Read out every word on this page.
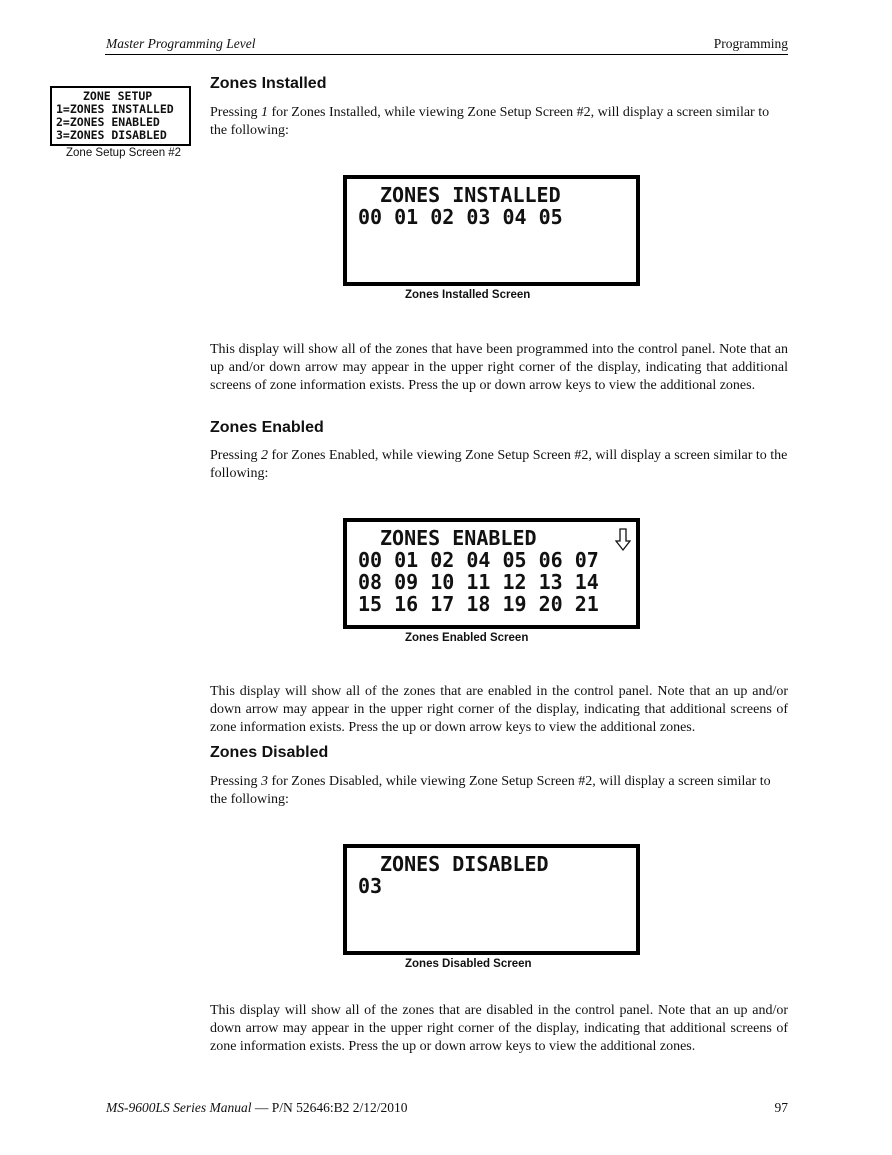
Master Programming Level	Programming
ZONE SETUP
1=ZONES INSTALLED
2=ZONES ENABLED
3=ZONES DISABLED
Zone Setup Screen #2
Zones Installed
Pressing 1 for Zones Installed, while viewing Zone Setup Screen #2, will display a screen similar to the following:
ZONES INSTALLED
00 01 02 03 04 05
Zones Installed Screen
This display will show all of the zones that have been programmed into the control panel. Note that an up and/or down arrow may appear in the upper right corner of the display, indicating that additional screens of zone information exists. Press the up or down arrow keys to view the additional zones.
Zones Enabled
Pressing 2 for Zones Enabled, while viewing Zone Setup Screen #2, will display a screen similar to the following:
ZONES ENABLED
00 01 02 04 05 06 07
08 09 10 11 12 13 14
15 16 17 18 19 20 21
Zones Enabled Screen
This display will show all of the zones that are enabled in the control panel. Note that an up and/or down arrow may appear in the upper right corner of the display, indicating that additional screens of zone information exists. Press the up or down arrow keys to view the additional zones.
Zones Disabled
Pressing 3 for Zones Disabled, while viewing Zone Setup Screen #2, will display a screen similar to the following:
ZONES DISABLED
03
Zones Disabled Screen
This display will show all of the zones that are disabled in the control panel. Note that an up and/or down arrow may appear in the upper right corner of the display, indicating that additional screens of zone information exists. Press the up or down arrow keys to view the additional zones.
MS-9600LS Series Manual — P/N 52646:B2 2/12/2010	97
